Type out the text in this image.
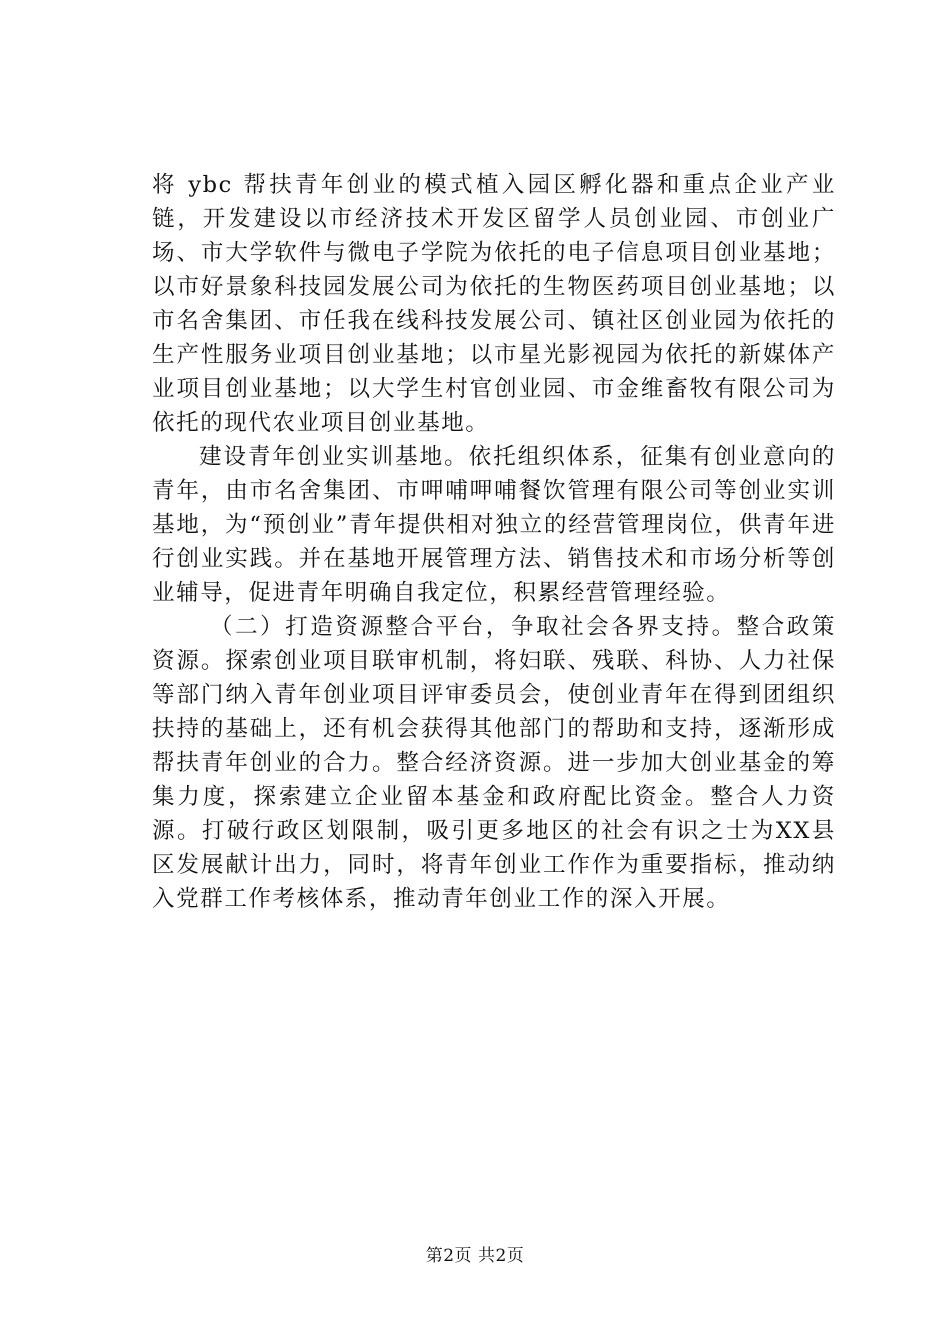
将 ybc 帮扶青年创业的模式植入园区孵化器和重点企业产业链，开发建设以市经济技术开发区留学人员创业园、市创业广场、市大学软件与微电子学院为依托的电子信息项目创业基地；以市好景象科技园发展公司为依托的生物医药项目创业基地；以市名舍集团、市任我在线科技发展公司、镇社区创业园为依托的生产性服务业项目创业基地；以市星光影视园为依托的新媒体产业项目创业基地；以大学生村官创业园、市金维畜牧有限公司为依托的现代农业项目创业基地。

建设青年创业实训基地。依托组织体系，征集有创业意向的青年，由市名舍集团、市呷哺呷哺餐饮管理有限公司等创业实训基地，为“预创业”青年提供相对独立的经营管理岗位，供青年进行创业实践。并在基地开展管理方法、销售技术和市场分析等创业辅导，促进青年明确自我定位，积累经营管理经验。

（二）打造资源整合平台，争取社会各界支持。整合政策资源。探索创业项目联审机制，将妇联、残联、科协、人力社保等部门纳入青年创业项目评审委员会，使创业青年在得到团组织扶持的基础上，还有机会获得其他部门的帮助和支持，逐渐形成帮扶青年创业的合力。整合经济资源。进一步加大创业基金的筹集力度，探索建立企业留本基金和政府配比资金。整合人力资源。打破行政区划限制，吸引更多地区的社会有识之士为XX县区发展献计出力，同时，将青年创业工作作为重要指标，推动纳入党群工作考核体系，推动青年创业工作的深入开展。

第2页 共2页
